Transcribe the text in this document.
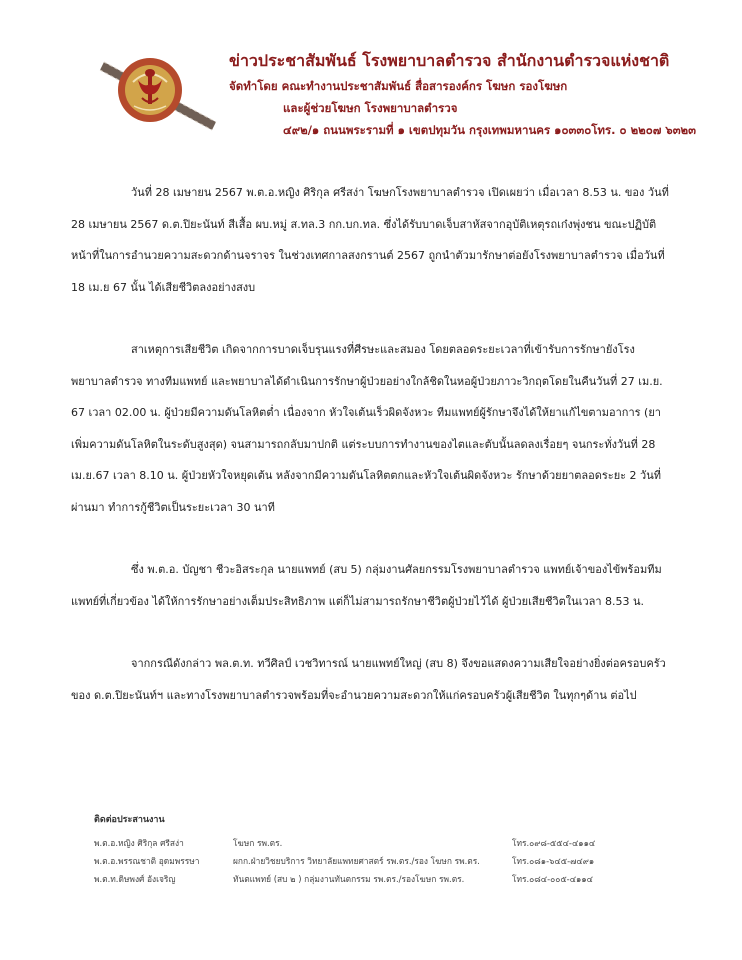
ข่าวประชาสัมพันธ์ โรงพยาบาลตำรวจ สำนักงานตำรวจแห่งชาติ
จัดทำโดย คณะทำงานประชาสัมพันธ์ สื่อสารองค์กร โฆษก รองโฆษก
และผู้ช่วยโฆษก โรงพยาบาลตำรวจ
๔๙๒/๑ ถนนพระรามที่ ๑ เขตปทุมวัน กรุงเทพมหานคร ๑๐๓๓๐โทร. ๐ ๒๒๐๗ ๖๓๒๓

วันที่ 28 เมษายน 2567 พ.ต.อ.หญิง ศิริกุล ศรีสง่า โฆษกโรงพยาบาลตำรวจ เปิดเผยว่า เมื่อเวลา 8.53 น. ของ วันที่ 28 เมษายน 2567 ด.ต.ปิยะนันท์ สีเสื้อ ผบ.หมู่ ส.ทล.3 กก.บก.ทล. ซึ่งได้รับบาดเจ็บสาหัสจากอุบัติเหตุรถเก๋งพุ่งชน ขณะปฏิบัติหน้าที่ในการอำนวยความสะดวกด้านจราจร ในช่วงเทศกาลสงกรานต์ 2567 ถูกนำตัวมารักษาต่อยังโรงพยาบาลตำรวจ เมื่อวันที่ 18 เม.ย 67 นั้น ได้เสียชีวิตลงอย่างสงบ

สาเหตุการเสียชีวิต เกิดจากการบาดเจ็บรุนแรงที่ศีรษะและสมอง โดยตลอดระยะเวลาที่เข้ารับการรักษายังโรงพยาบาลตำรวจ ทางทีมแพทย์ และพยาบาลได้ดำเนินการรักษาผู้ป่วยอย่างใกล้ชิดในหอผู้ป่วยภาวะวิกฤตโดยในคืนวันที่ 27 เม.ย. 67 เวลา 02.00 น. ผู้ป่วยมีความดันโลหิตต่ำ เนื่องจาก หัวใจเต้นเร็วผิดจังหวะ ทีมแพทย์ผู้รักษาจึงได้ให้ยาแก้ไขตามอาการ (ยาเพิ่มความดันโลหิตในระดับสูงสุด) จนสามารถกลับมาปกติ แต่ระบบการทำงานของไตและตับนั้นลดลงเรื่อยๆ จนกระทั่งวันที่ 28 เม.ย.67 เวลา 8.10 น. ผู้ป่วยหัวใจหยุดเต้น หลังจากมีความดันโลหิตตกและหัวใจเต้นผิดจังหวะ รักษาด้วยยาตลอดระยะ 2 วันที่ผ่านมา ทำการกู้ชีวิตเป็นระยะเวลา 30 นาที

ซึ่ง พ.ต.อ. บัญชา ชีวะอิสระกุล นายแพทย์ (สบ 5) กลุ่มงานศัลยกรรมโรงพยาบาลตำรวจ แพทย์เจ้าของไข้พร้อมทีมแพทย์ที่เกี่ยวข้อง ได้ให้การรักษาอย่างเต็มประสิทธิภาพ แต่ก็ไม่สามารถรักษาชีวิตผู้ป่วยไว้ได้ ผู้ป่วยเสียชีวิตในเวลา 8.53 น.

จากกรณีดังกล่าว พล.ต.ท. ทวีศิลป์ เวชวิทารณ์ นายแพทย์ใหญ่ (สบ 8) จึงขอแสดงความเสียใจอย่างยิ่งต่อครอบครัวของ ด.ต.ปิยะนันท์ฯ และทางโรงพยาบาลตำรวจพร้อมที่จะอำนวยความสะดวกให้แก่ครอบครัวผู้เสียชีวิต ในทุกๆด้าน ต่อไป

ติดต่อประสานงาน
พ.ต.อ.หญิง ศิริกุล ศรีสง่า	โฆษก รพ.ตร.	โทร.๐๙๘-๕๕๔-๔๑๑๔
พ.ต.อ.พรรณชาติ อุดมพรรษา	ผกก.ฝ่ายวิชยบริการ วิทยาลัยแพทยศาสตร์ รพ.ตร./รอง โฆษก รพ.ตร.	โทร.๐๘๑-๖๔๕-๗๔๙๑
พ.ต.ท.ดิษพงศ์ อังเจริญ	ทันตแพทย์ (สบ ๒ ) กลุ่มงานทันตกรรม รพ.ตร./รองโฆษก รพ.ตร.	โทร.๐๘๔-๐๐๕-๔๑๑๔
